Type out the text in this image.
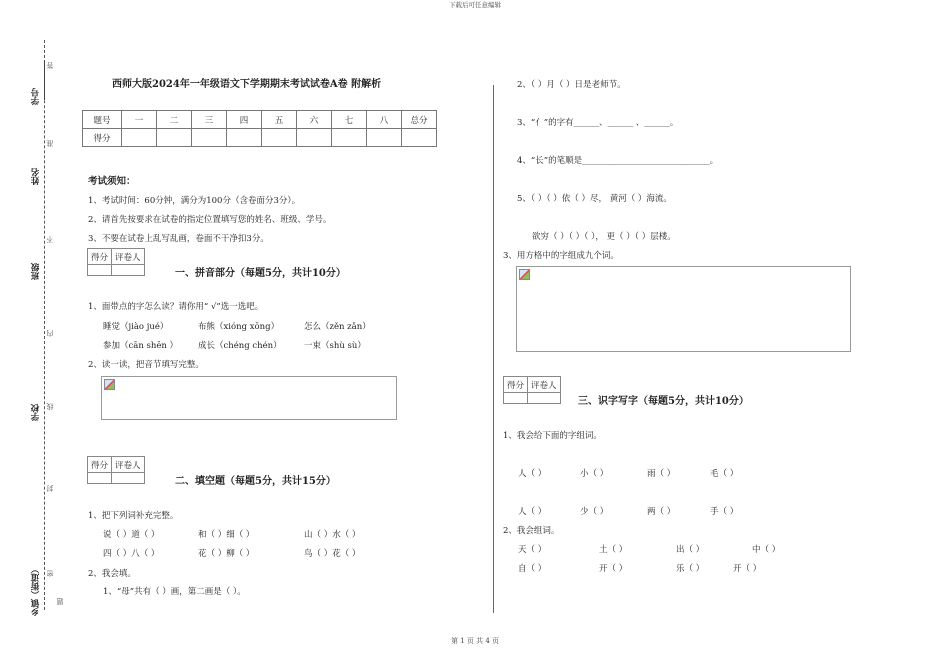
下载后可任意编辑
学号
姓名
班级
学校
乡镇（街道）
答
准
不
内
线
封
密
题
西师大版2024年一年级语文下学期期末考试试卷A卷 附解析
题号	一	二	三	四	五	六	七	八	总分
得分									
考试须知：
1、考试时间：60分钟，满分为100分（含卷面分3分）。
2、请首先按要求在试卷的指定位置填写您的姓名、班级、学号。
3、不要在试卷上乱写乱画，卷面不干净扣3分。
得分	评卷人

一、拼音部分（每题5分，共计10分）
1、面带点的字怎么读？请你用“ √”选一选吧。
睡觉（jiào jué）	布熊（xióng xōng）	怎么（zěn zǎn）
参加（cān shēn ） 成长（chéng chén）	一束（shù sù）
2、读一读，把音节填写完整。
得分	评卷人

二、填空题（每题5分，共计15分）
1、把下列词补充完整。
说（ ）道（ ）	和（ ）细（ ）	山（ ）水（ ）
四（ ）八（ ）	花（ ）柳（ ）	鸟（ ）花（ ）
2、我会填。
1、“母”共有（ ）画，第二画是（ ）。
2、（ ）月（ ）日是老师节。
3、“亻”的字有______、______ 、______。
4、“长”的笔顺是______________________________。
5、（ ）（ ）依（ ）尽， 黄河（ ）海流。
欲穷（ ）（ ）（ ）， 更（ ）（ ）层楼。
3、用方格中的字组成九个词。
得分	评卷人

三、识字写字（每题5分，共计10分）
1、我会给下面的字组词。
人（ ）	小（ ）	雨（ ）	毛（ ）
人（ ）	少（ ）	两（ ）	手（ ）
2、我会组词。
天（ ）	土（ ）	出（ ）	中（ ）
自（ ）	开（ ）	乐（ ）	开（ ）
第 1 页 共 4 页
